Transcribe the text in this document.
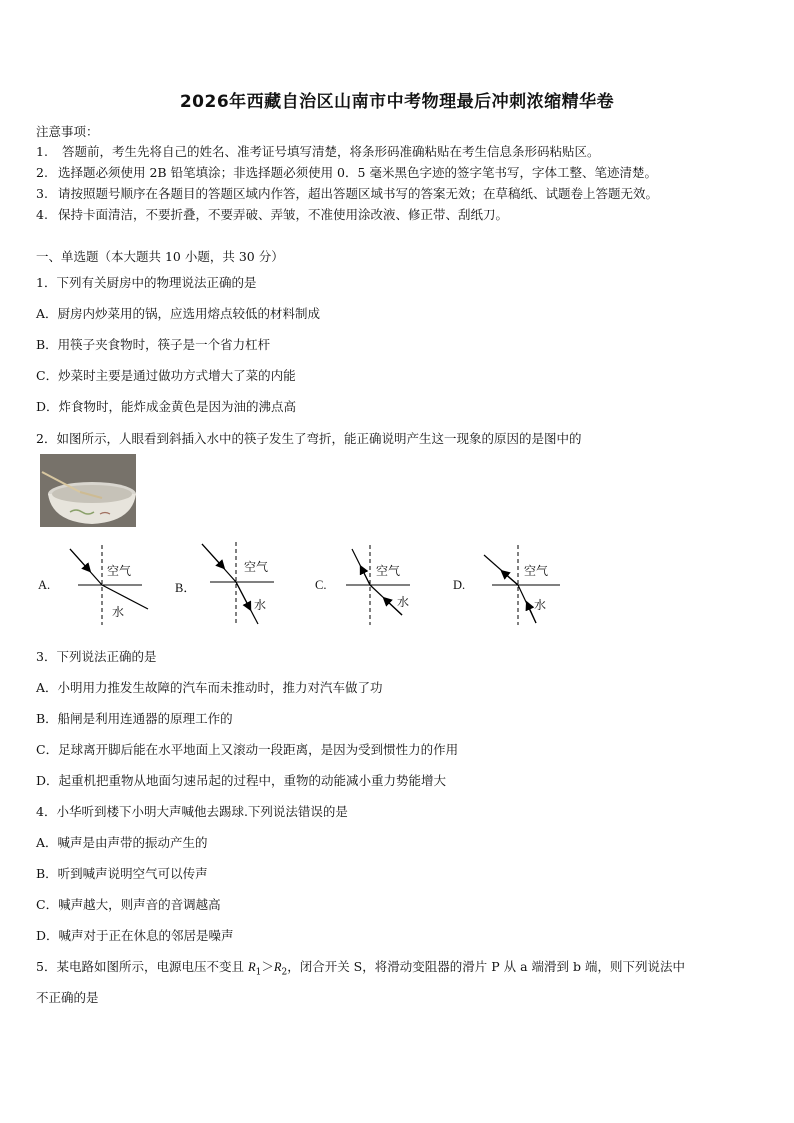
2026年西藏自治区山南市中考物理最后冲刺浓缩精华卷
注意事项：
1. 答题前，考生先将自己的姓名、准考证号填写清楚，将条形码准确粘贴在考生信息条形码粘贴区。
2. 选择题必须使用 2B 铅笔填涂；非选择题必须使用 0．5 毫米黑色字迹的签字笔书写，字体工整、笔迹清楚。
3. 请按照题号顺序在各题目的答题区域内作答，超出答题区域书写的答案无效；在草稿纸、试题卷上答题无效。
4. 保持卡面清洁，不要折叠，不要弄破、弄皱，不准使用涂改液、修正带、刮纸刀。
一、单选题（本大题共 10 小题，共 30 分）
1．下列有关厨房中的物理说法正确的是
A．厨房内炒菜用的锅，应选用熔点较低的材料制成
B．用筷子夹食物时，筷子是一个省力杠杆
C．炒菜时主要是通过做功方式增大了菜的内能
D．炸食物时，能炸成金黄色是因为油的沸点高
2．如图所示，人眼看到斜插入水中的筷子发生了弯折，能正确说明产生这一现象的原因的是图中的
A.
空气
水
B．
空气
水
C.
空气
水
D.
空气
水
3．下列说法正确的是
A．小明用力推发生故障的汽车而未推动时，推力对汽车做了功
B．船闸是利用连通器的原理工作的
C．足球离开脚后能在水平地面上又滚动一段距离，是因为受到惯性力的作用
D．起重机把重物从地面匀速吊起的过程中，重物的动能减小重力势能增大
4．小华听到楼下小明大声喊他去踢球.下列说法错误的是
A．喊声是由声带的振动产生的
B．听到喊声说明空气可以传声
C．喊声越大，则声音的音调越高
D．喊声对于正在休息的邻居是噪声
5．某电路如图所示，电源电压不变且 $R_1>R_2$，闭合开关 S，将滑动变阻器的滑片 P 从 a 端滑到 b 端，则下列说法中
不正确的是
